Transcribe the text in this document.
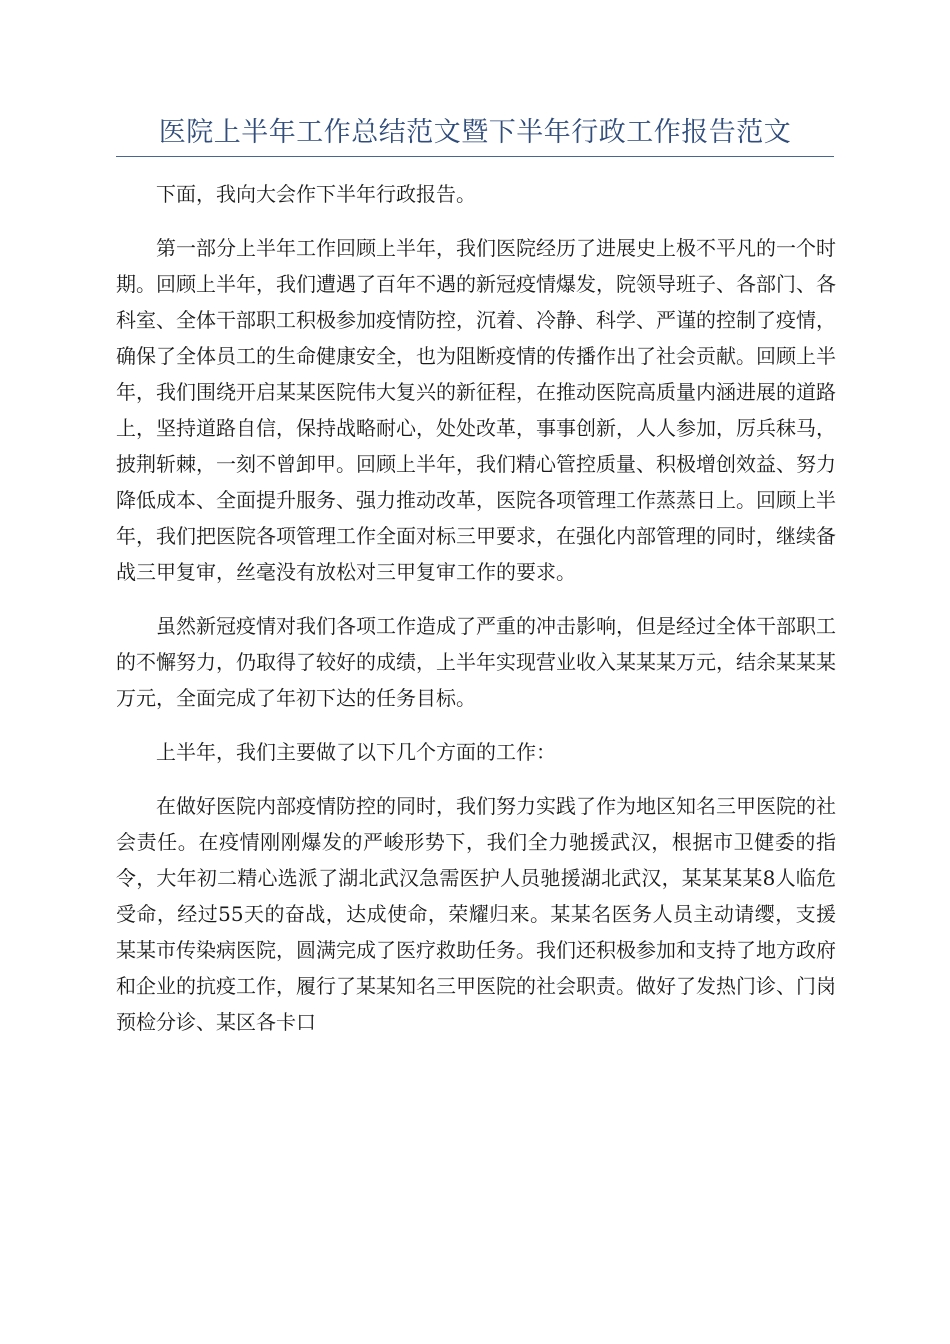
医院上半年工作总结范文暨下半年行政工作报告范文

下面，我向大会作下半年行政报告。

第一部分上半年工作回顾上半年，我们医院经历了进展史上极不平凡的一个时期。回顾上半年，我们遭遇了百年不遇的新冠疫情爆发，院领导班子、各部门、各科室、全体干部职工积极参加疫情防控，沉着、冷静、科学、严谨的控制了疫情，确保了全体员工的生命健康安全，也为阻断疫情的传播作出了社会贡献。回顾上半年，我们围绕开启某某医院伟大复兴的新征程，在推动医院高质量内涵进展的道路上，坚持道路自信，保持战略耐心，处处改革，事事创新，人人参加，厉兵秣马，披荆斩棘，一刻不曾卸甲。回顾上半年，我们精心管控质量、积极增创效益、努力降低成本、全面提升服务、强力推动改革，医院各项管理工作蒸蒸日上。回顾上半年，我们把医院各项管理工作全面对标三甲要求，在强化内部管理的同时，继续备战三甲复审，丝毫没有放松对三甲复审工作的要求。

虽然新冠疫情对我们各项工作造成了严重的冲击影响，但是经过全体干部职工的不懈努力，仍取得了较好的成绩，上半年实现营业收入某某某万元，结余某某某万元，全面完成了年初下达的任务目标。

上半年，我们主要做了以下几个方面的工作：

在做好医院内部疫情防控的同时，我们努力实践了作为地区知名三甲医院的社会责任。在疫情刚刚爆发的严峻形势下，我们全力驰援武汉，根据市卫健委的指令，大年初二精心选派了湖北武汉急需医护人员驰援湖北武汉，某某某某8人临危受命，经过55天的奋战，达成使命，荣耀归来。某某名医务人员主动请缨，支援某某市传染病医院，圆满完成了医疗救助任务。我们还积极参加和支持了地方政府和企业的抗疫工作，履行了某某知名三甲医院的社会职责。做好了发热门诊、门岗预检分诊、某区各卡口
